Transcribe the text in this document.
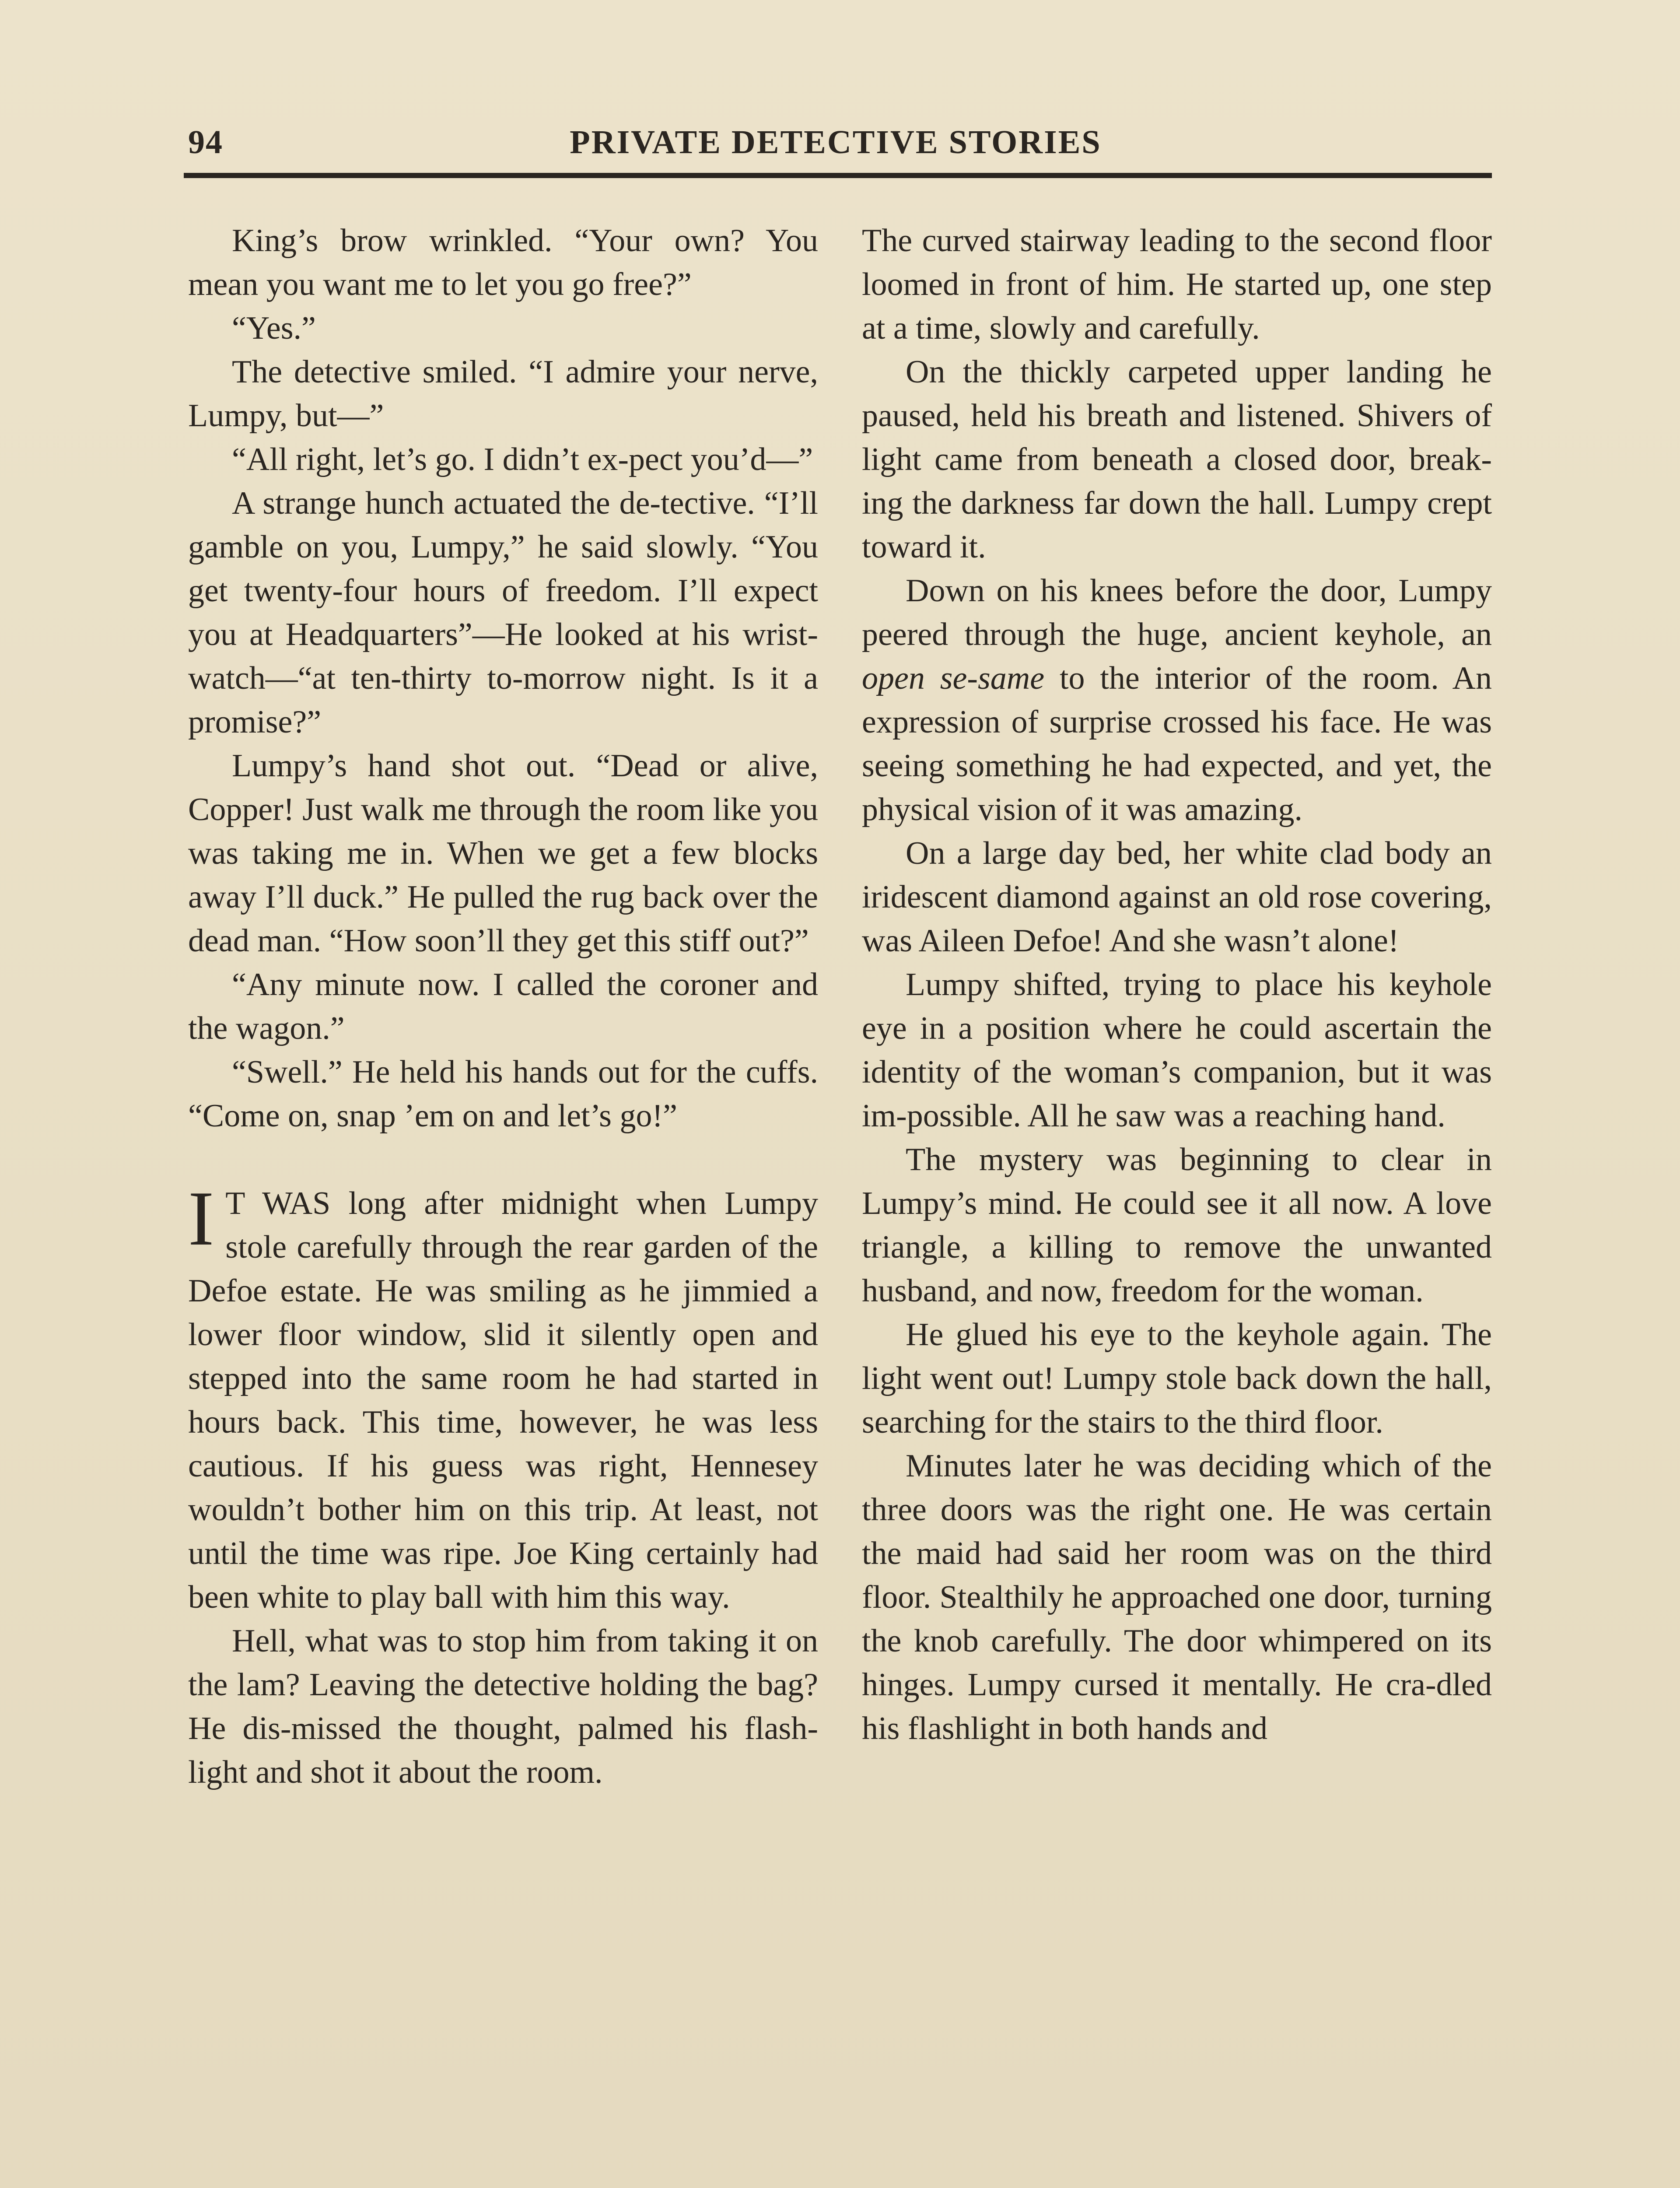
94	PRIVATE DETECTIVE STORIES

King’s brow wrinkled. “Your own? You mean you want me to let you go free?”

“Yes.”

The detective smiled. “I admire your nerve, Lumpy, but—”

“All right, let’s go. I didn’t ex-pect you’d—”

A strange hunch actuated the de-tective. “I’ll gamble on you, Lumpy,” he said slowly. “You get twenty-four hours of freedom. I’ll expect you at Headquarters”—He looked at his wrist-watch—“at ten-thirty to-morrow night. Is it a promise?”

Lumpy’s hand shot out. “Dead or alive, Copper! Just walk me through the room like you was taking me in. When we get a few blocks away I’ll duck.” He pulled the rug back over the dead man. “How soon’ll they get this stiff out?”

“Any minute now. I called the coroner and the wagon.”

“Swell.” He held his hands out for the cuffs. “Come on, snap ’em on and let’s go!”

I T WAS long after midnight when Lumpy stole carefully through the rear garden of the Defoe estate. He was smiling as he jimmied a lower floor window, slid it silently open and stepped into the same room he had started in hours back. This time, however, he was less cautious. If his guess was right, Hennesey wouldn’t bother him on this trip. At least, not until the time was ripe. Joe King certainly had been white to play ball with him this way.

Hell, what was to stop him from taking it on the lam? Leaving the detective holding the bag? He dis-missed the thought, palmed his flash-light and shot it about the room.

The curved stairway leading to the second floor loomed in front of him. He started up, one step at a time, slowly and carefully.

On the thickly carpeted upper landing he paused, held his breath and listened. Shivers of light came from beneath a closed door, break-ing the darkness far down the hall. Lumpy crept toward it.

Down on his knees before the door, Lumpy peered through the huge, ancient keyhole, an open se-same to the interior of the room. An expression of surprise crossed his face. He was seeing something he had expected, and yet, the physical vision of it was amazing.

On a large day bed, her white clad body an iridescent diamond against an old rose covering, was Aileen Defoe! And she wasn’t alone!

Lumpy shifted, trying to place his keyhole eye in a position where he could ascertain the identity of the woman’s companion, but it was im-possible. All he saw was a reaching hand.

The mystery was beginning to clear in Lumpy’s mind. He could see it all now. A love triangle, a killing to remove the unwanted husband, and now, freedom for the woman.

He glued his eye to the keyhole again. The light went out! Lumpy stole back down the hall, searching for the stairs to the third floor.

Minutes later he was deciding which of the three doors was the right one. He was certain the maid had said her room was on the third floor. Stealthily he approached one door, turning the knob carefully. The door whimpered on its hinges. Lumpy cursed it mentally. He cra-dled his flashlight in both hands and
